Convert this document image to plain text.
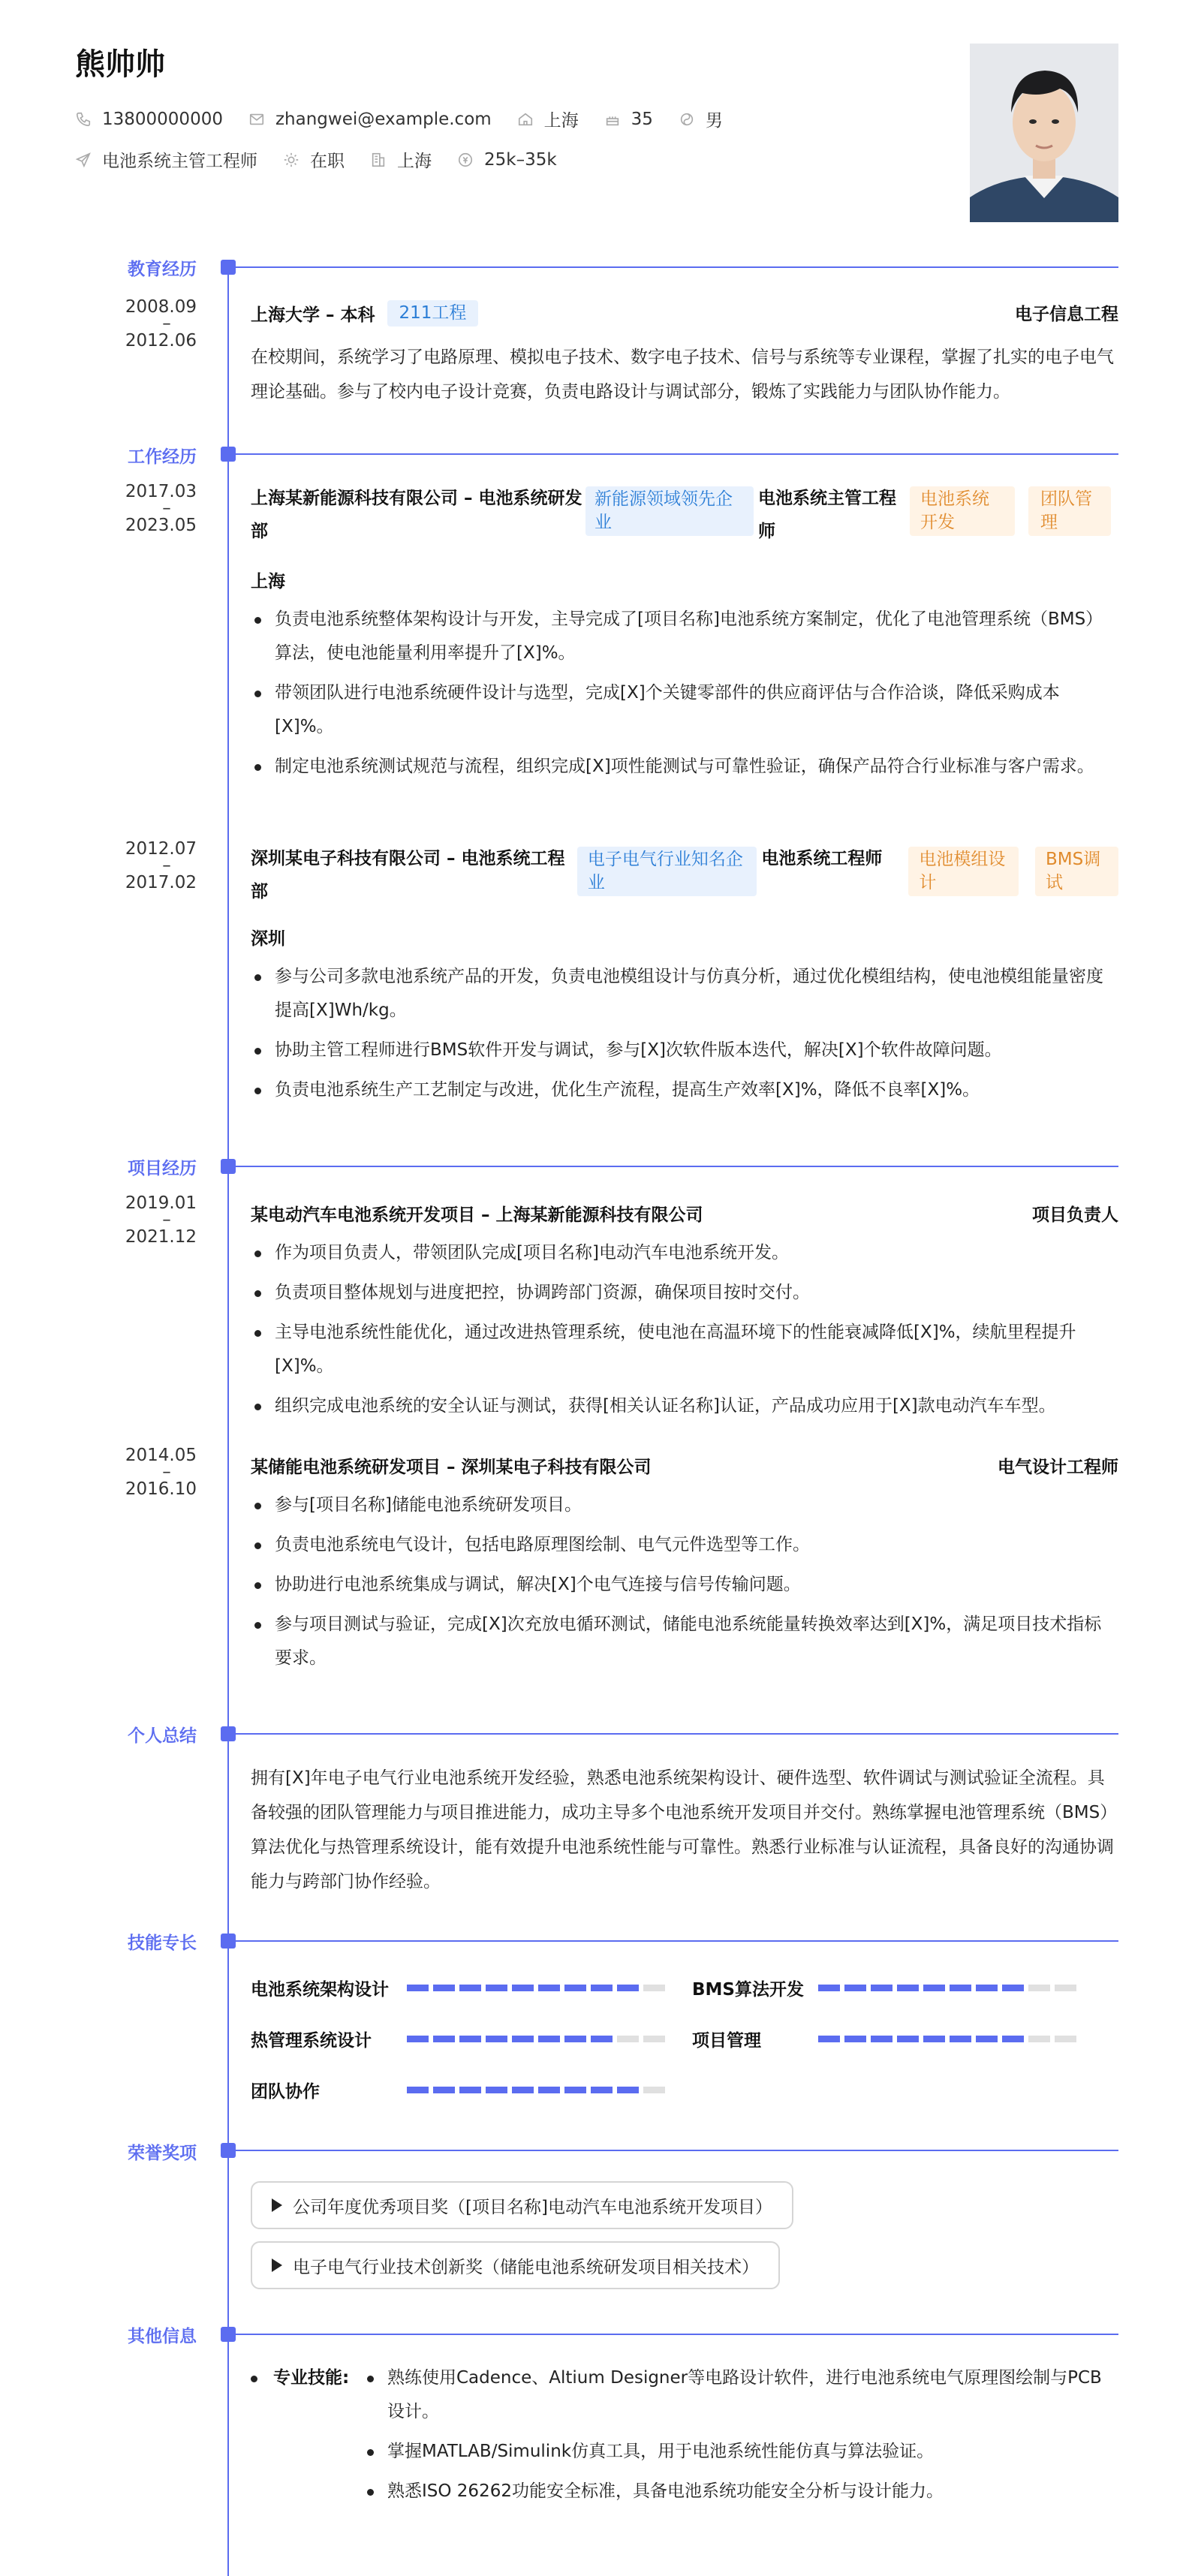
熊帅帅
13800000000	zhangwei@example.com	上海	35	男
电池系统主管工程师	在职	上海	25k–35k
教育经历
2008.09
–
2012.06
上海大学 – 本科	211工程	电子信息工程
在校期间，系统学习了电路原理、模拟电子技术、数字电子技术、信号与系统等专业课程，掌握了扎实的电子电气理论基础。参与了校内电子设计竞赛，负责电路设计与调试部分，锻炼了实践能力与团队协作能力。
工作经历
2017.03
–
2023.05
上海某新能源科技有限公司 – 电池系统研发部
新能源领域领先企业
电池系统主管工程师
电池系统开发
团队管理
上海
负责电池系统整体架构设计与开发，主导完成了[项目名称]电池系统方案制定，优化了电池管理系统（BMS）算法，使电池能量利用率提升了[X]%。
带领团队进行电池系统硬件设计与选型，完成[X]个关键零部件的供应商评估与合作洽谈，降低采购成本[X]%。
制定电池系统测试规范与流程，组织完成[X]项性能测试与可靠性验证，确保产品符合行业标准与客户需求。
2012.07
–
2017.02
深圳某电子科技有限公司 – 电池系统工程部
电子电气行业知名企业
电池系统工程师	电池模组设计
BMS调试
深圳
参与公司多款电池系统产品的开发，负责电池模组设计与仿真分析，通过优化模组结构，使电池模组能量密度提高[X]Wh/kg。
协助主管工程师进行BMS软件开发与调试，参与[X]次软件版本迭代，解决[X]个软件故障问题。
负责电池系统生产工艺制定与改进，优化生产流程，提高生产效率[X]%，降低不良率[X]%。
项目经历
2019.01
–
2021.12
某电动汽车电池系统开发项目 – 上海某新能源科技有限公司	项目负责人
作为项目负责人，带领团队完成[项目名称]电动汽车电池系统开发。
负责项目整体规划与进度把控，协调跨部门资源，确保项目按时交付。
主导电池系统性能优化，通过改进热管理系统，使电池在高温环境下的性能衰减降低[X]%，续航里程提升[X]%。
组织完成电池系统的安全认证与测试，获得[相关认证名称]认证，产品成功应用于[X]款电动汽车车型。
2014.05
–
2016.10
某储能电池系统研发项目 – 深圳某电子科技有限公司	电气设计工程师
参与[项目名称]储能电池系统研发项目。
负责电池系统电气设计，包括电路原理图绘制、电气元件选型等工作。
协助进行电池系统集成与调试，解决[X]个电气连接与信号传输问题。
参与项目测试与验证，完成[X]次充放电循环测试，储能电池系统能量转换效率达到[X]%，满足项目技术指标要求。
个人总结
拥有[X]年电子电气行业电池系统开发经验，熟悉电池系统架构设计、硬件选型、软件调试与测试验证全流程。具备较强的团队管理能力与项目推进能力，成功主导多个电池系统开发项目并交付。熟练掌握电池管理系统（BMS）算法优化与热管理系统设计，能有效提升电池系统性能与可靠性。熟悉行业标准与认证流程，具备良好的沟通协调能力与跨部门协作经验。
技能专长
电池系统架构设计	BMS算法开发
热管理系统设计	项目管理
团队协作
荣誉奖项
公司年度优秀项目奖（[项目名称]电动汽车电池系统开发项目）
电子电气行业技术创新奖（储能电池系统研发项目相关技术）
其他信息
专业技能:	熟练使用Cadence、Altium Designer等电路设计软件，进行电池系统电气原理图绘制与PCB设计。
掌握MATLAB/Simulink仿真工具，用于电池系统性能仿真与算法验证。
熟悉ISO 26262功能安全标准，具备电池系统功能安全分析与设计能力。
